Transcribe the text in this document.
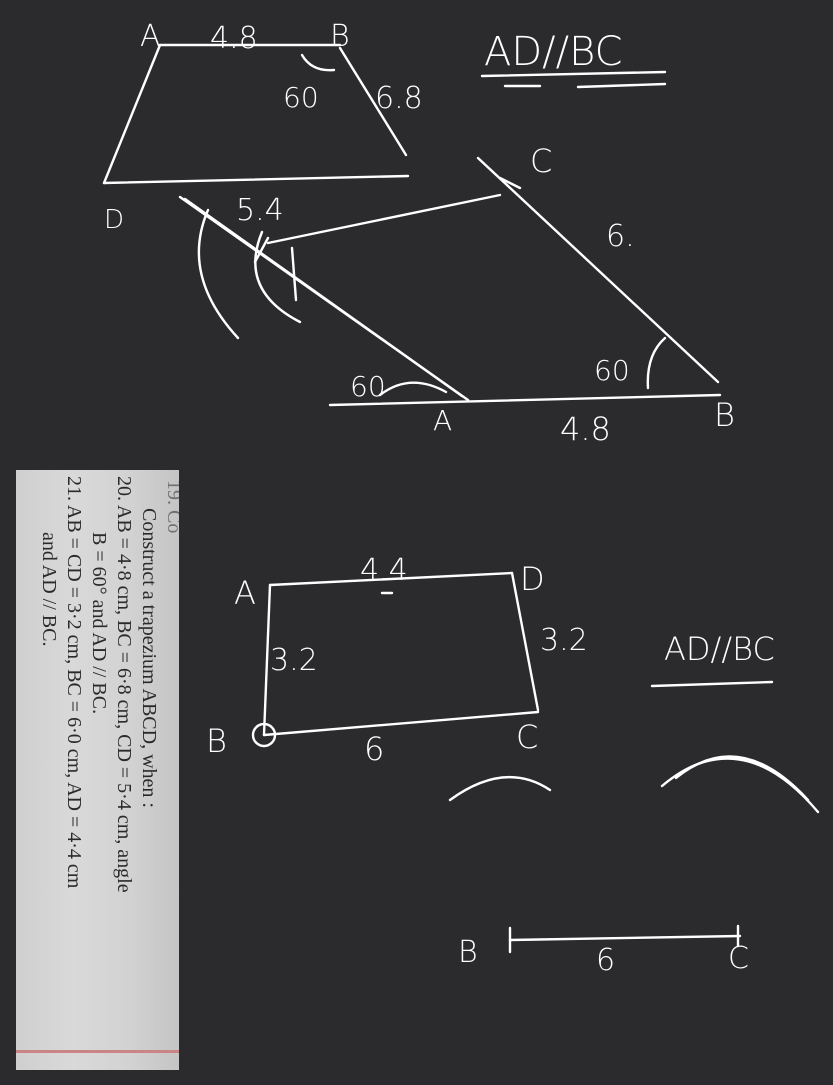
A 4.8 B
60 6.8
D
AD//BC
5.4
C
6.
60	60
A	4.8	B
A
4.4	D
3.2
3.2
B	6	C
AD//BC
B	6	C
19. Co
Construct a trapezium ABCD, when :
20. AB = 4·8 cm, BC = 6·8 cm, CD = 5·4 cm, angle
B = 60° and AD // BC.
21. AB = CD = 3·2 cm, BC = 6·0 cm, AD = 4·4 cm
and AD // BC.
